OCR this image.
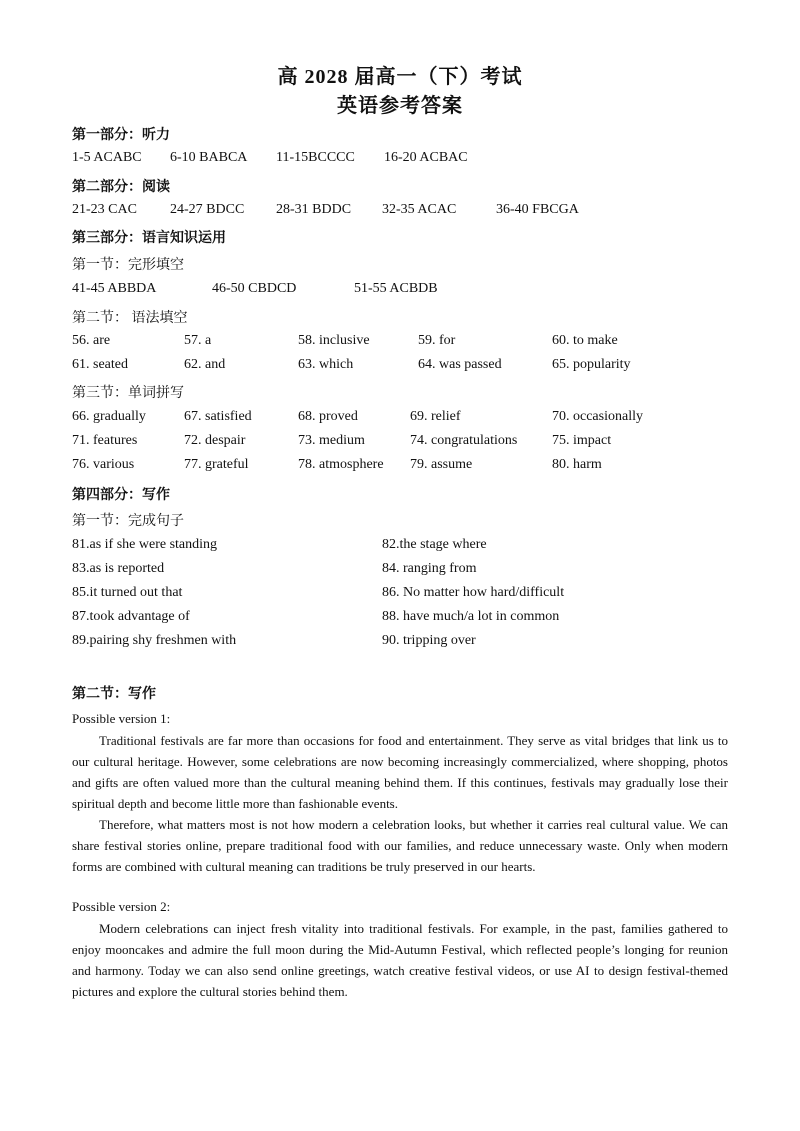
高 2028 届高一（下）考试
英语参考答案
第一部分：听力
1-5 ACABC 6-10 BABCA 11-15BCCCC 16-20 ACBAC
第二部分：阅读
21-23 CAC 24-27 BDCC 28-31 BDDC 32-35 ACAC	36-40 FBCGA
第三部分：语言知识运用
第一节：完形填空
41-45 ABBDA	46-50 CBDCD	51-55 ACBDB
第二节： 语法填空
56. are	57. a	58. inclusive	59. for	60. to make
61. seated	62. and	63. which	64. was passed	65. popularity
第三节：单词拼写
66. gradually	67. satisfied	68. proved	69. relief	70. occasionally
71. features	72. despair	73. medium	74. congratulations 75. impact
76. various	77. grateful	78. atmosphere 79. assume	80. harm
第四部分：写作
第一节：完成句子
81.as if she were standing	82.the stage where
83.as is reported	84. ranging from
85.it turned out that	86. No matter how hard/difficult
87.took advantage of	88. have much/a lot in common
89.pairing shy freshmen with	90. tripping over
第二节：写作
Possible version 1:
Traditional festivals are far more than occasions for food and entertainment. They serve as vital bridges that link us to our cultural heritage. However, some celebrations are now becoming increasingly commercialized, where shopping, photos and gifts are often valued more than the cultural meaning behind them. If this continues, festivals may gradually lose their spiritual depth and become little more than fashionable events.
Therefore, what matters most is not how modern a celebration looks, but whether it carries real cultural value. We can share festival stories online, prepare traditional food with our families, and reduce unnecessary waste. Only when modern forms are combined with cultural meaning can traditions be truly preserved in our hearts.
Possible version 2:
Modern celebrations can inject fresh vitality into traditional festivals. For example, in the past, families gathered to enjoy mooncakes and admire the full moon during the Mid-Autumn Festival, which reflected people’s longing for reunion and harmony. Today we can also send online greetings, watch creative festival videos, or use AI to design festival-themed pictures and explore the cultural stories behind them.
